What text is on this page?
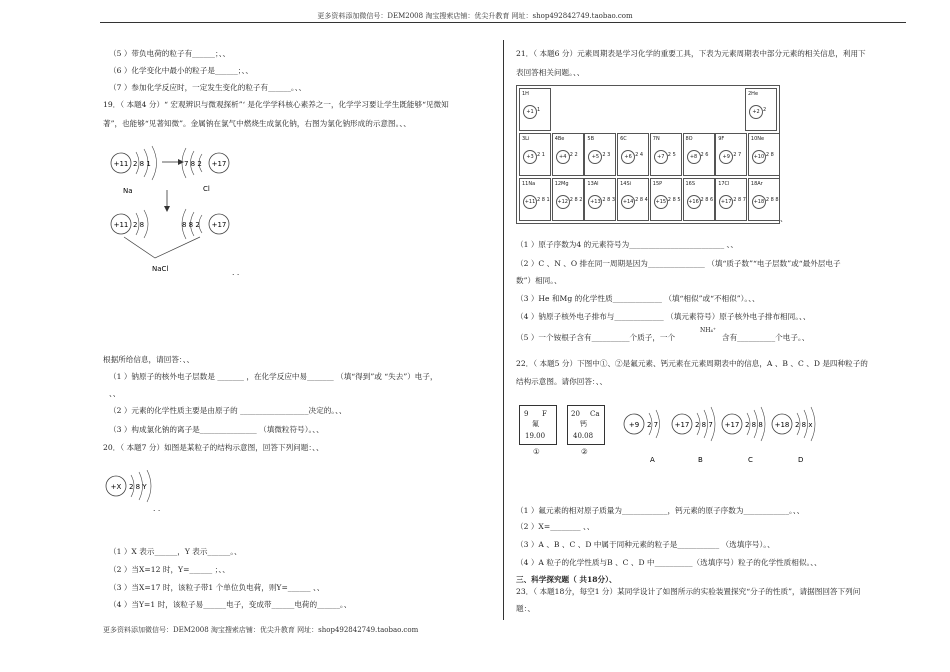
更多资料添加微信号：DEM2008 淘宝搜索店铺：优尖升教育 网址：shop492842749.taobao.com
（5 ）带负电荷的粒子有______；、、
（6 ）化学变化中最小的粒子是______；、、
（7 ）参加化学反应时，一定发生变化的粒子有______。、、
19．（ 本题4 分）“ 宏观辨识与微观探析”‘ 是化学学科核心素养之一，化学学习要让学生既能够“见微知
著”，也能够“见著知微”。金属钠在氯气中燃烧生成氯化钠，右图为氯化钠形成的示意图。、、
+11 2 8 1
Na
7 8 2 +17
Cl
+11 2 8	8 8 2 +17
NaCl	. .
根据所给信息，请回答：、、
（1 ）钠原子的核外电子层数是 _______ ，在化学反应中易_______ （填“得到”或 “失去”）电子，
、、
（2 ）元素的化学性质主要是由原子的 __________________决定的。、、
（3 ）构成氯化钠的离子是_______________ （填微粒符号）。、、
20．（ 本题7 分）如图是某粒子的结构示意图，回答下列问题：、、
+X 2 8 Y
. .
（1 ）X 表示______，Y 表示______。、
（2 ）当X=12 时，Y=______ ；、、
（3 ）当X=17 时，该粒子带1 个单位负电荷，则Y=______ 、、
（4 ）当Y=1 时，该粒子易______电子，变成带______电荷的______。、
更多资料添加微信号：DEM2008 淘宝搜索店铺：优尖升教育 网址：shop492842749.taobao.com
21．（ 本题6 分）元素周期表是学习化学的重要工具，下表为元素周期表中部分元素的相关信息，利用下
表回答相关问题。、、
1H
+1 1
2He
+2 2
3Li
+3 2 1
4Be
+4 2 2
5B
+5 2 3
6C
+6 2 4
7N
+7 2 5
8O
+8 2 6
9F
+9 2 7
10Ne
+10 2 8
11Na
+11 2 8 1
12Mg
+12 2 8 2
13Al
+13 2 8 3
14Si
+14 2 8 4
15P
+15 2 8 5
16S
+16 2 8 6
17Cl
+17 2 8 7
18Ar
+18 2 8 8
、
（1 ）原子序数为4 的元素符号为_________________________ 、、
（2 ）C 、N 、O 排在同一周期是因为_______________ （填“质子数”“电子层数”或“最外层电子
数”）相同。、
（3 ）He 和Mg 的化学性质_____________ （填“相似”或“不相似”）。、、
（4 ）钠原子核外电子排布与_____________ （填元素符号）原子核外电子排布相同。、、
（5 ）一个铵根子含有__________个质子，一个
NH₄⁺
含有__________个电子。、
22．（ 本题5 分）下图中①、②是氟元素、钙元素在元素周期表中的信息，A 、B 、C 、D 是四种粒子的
结构示意图。请你回答：、、
9 F
氟
19.00
①
20 Ca
钙
40.08
②
+9 2 7
A
+17 2 8 7
B
+17 2 8 8
C
+18 2 8 x
D
（1 ）氟元素的相对原子质量为____________，钙元素的原子序数为____________。、、
（2 ）X=________ 、、
（3 ）A 、B 、C 、D 中属于同种元素的粒子是___________ （选填序号）。、
（4 ）A 粒子的化学性质与B 、C 、D 中__________（选填序号）粒子的化学性质相似。、、
三、科学探究题（ 共18分）、
23．（ 本题18分，每空1 分）某同学设计了如图所示的实验装置探究“分子的性质”，请据图回答下列问
题：、
